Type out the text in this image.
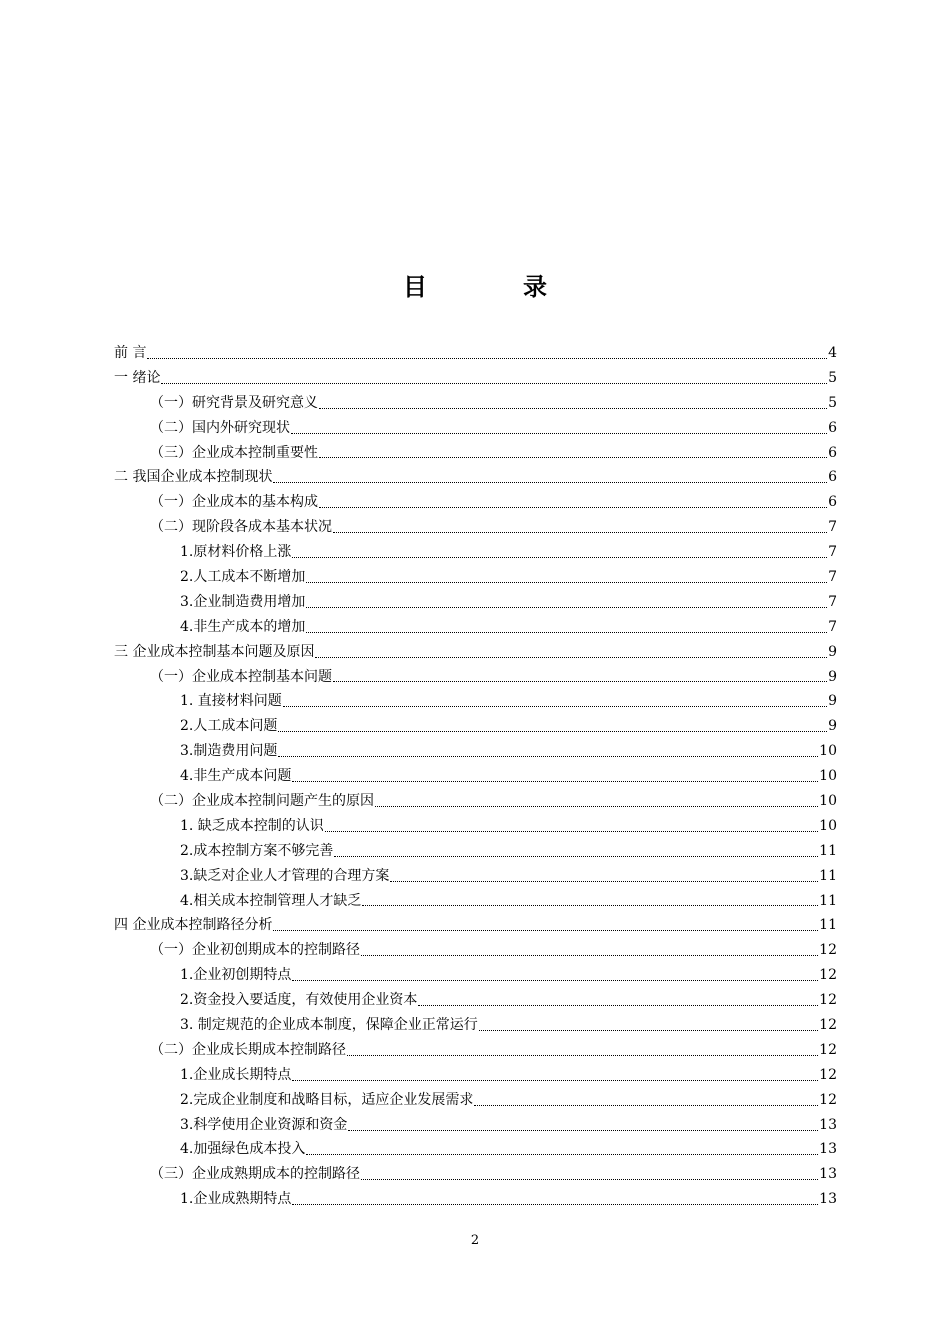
目　录
前 言	4
一 绪论	5
（一）研究背景及研究意义	5
（二）国内外研究现状	6
（三）企业成本控制重要性	6
二 我国企业成本控制现状	6
（一）企业成本的基本构成	6
（二）现阶段各成本基本状况	7
1.原材料价格上涨	7
2.人工成本不断增加	7
3.企业制造费用增加	7
4.非生产成本的增加	7
三 企业成本控制基本问题及原因	9
（一）企业成本控制基本问题	9
1. 直接材料问题	9
2.人工成本问题	9
3.制造费用问题	10
4.非生产成本问题	10
（二）企业成本控制问题产生的原因	10
1. 缺乏成本控制的认识	10
2.成本控制方案不够完善	11
3.缺乏对企业人才管理的合理方案	11
4.相关成本控制管理人才缺乏	11
四 企业成本控制路径分析	11
（一）企业初创期成本的控制路径	12
1.企业初创期特点	12
2.资金投入要适度，有效使用企业资本	12
3. 制定规范的企业成本制度，保障企业正常运行	12
（二）企业成长期成本控制路径	12
1.企业成长期特点	12
2.完成企业制度和战略目标，适应企业发展需求	12
3.科学使用企业资源和资金	13
4.加强绿色成本投入	13
（三）企业成熟期成本的控制路径	13
1.企业成熟期特点	13
2
